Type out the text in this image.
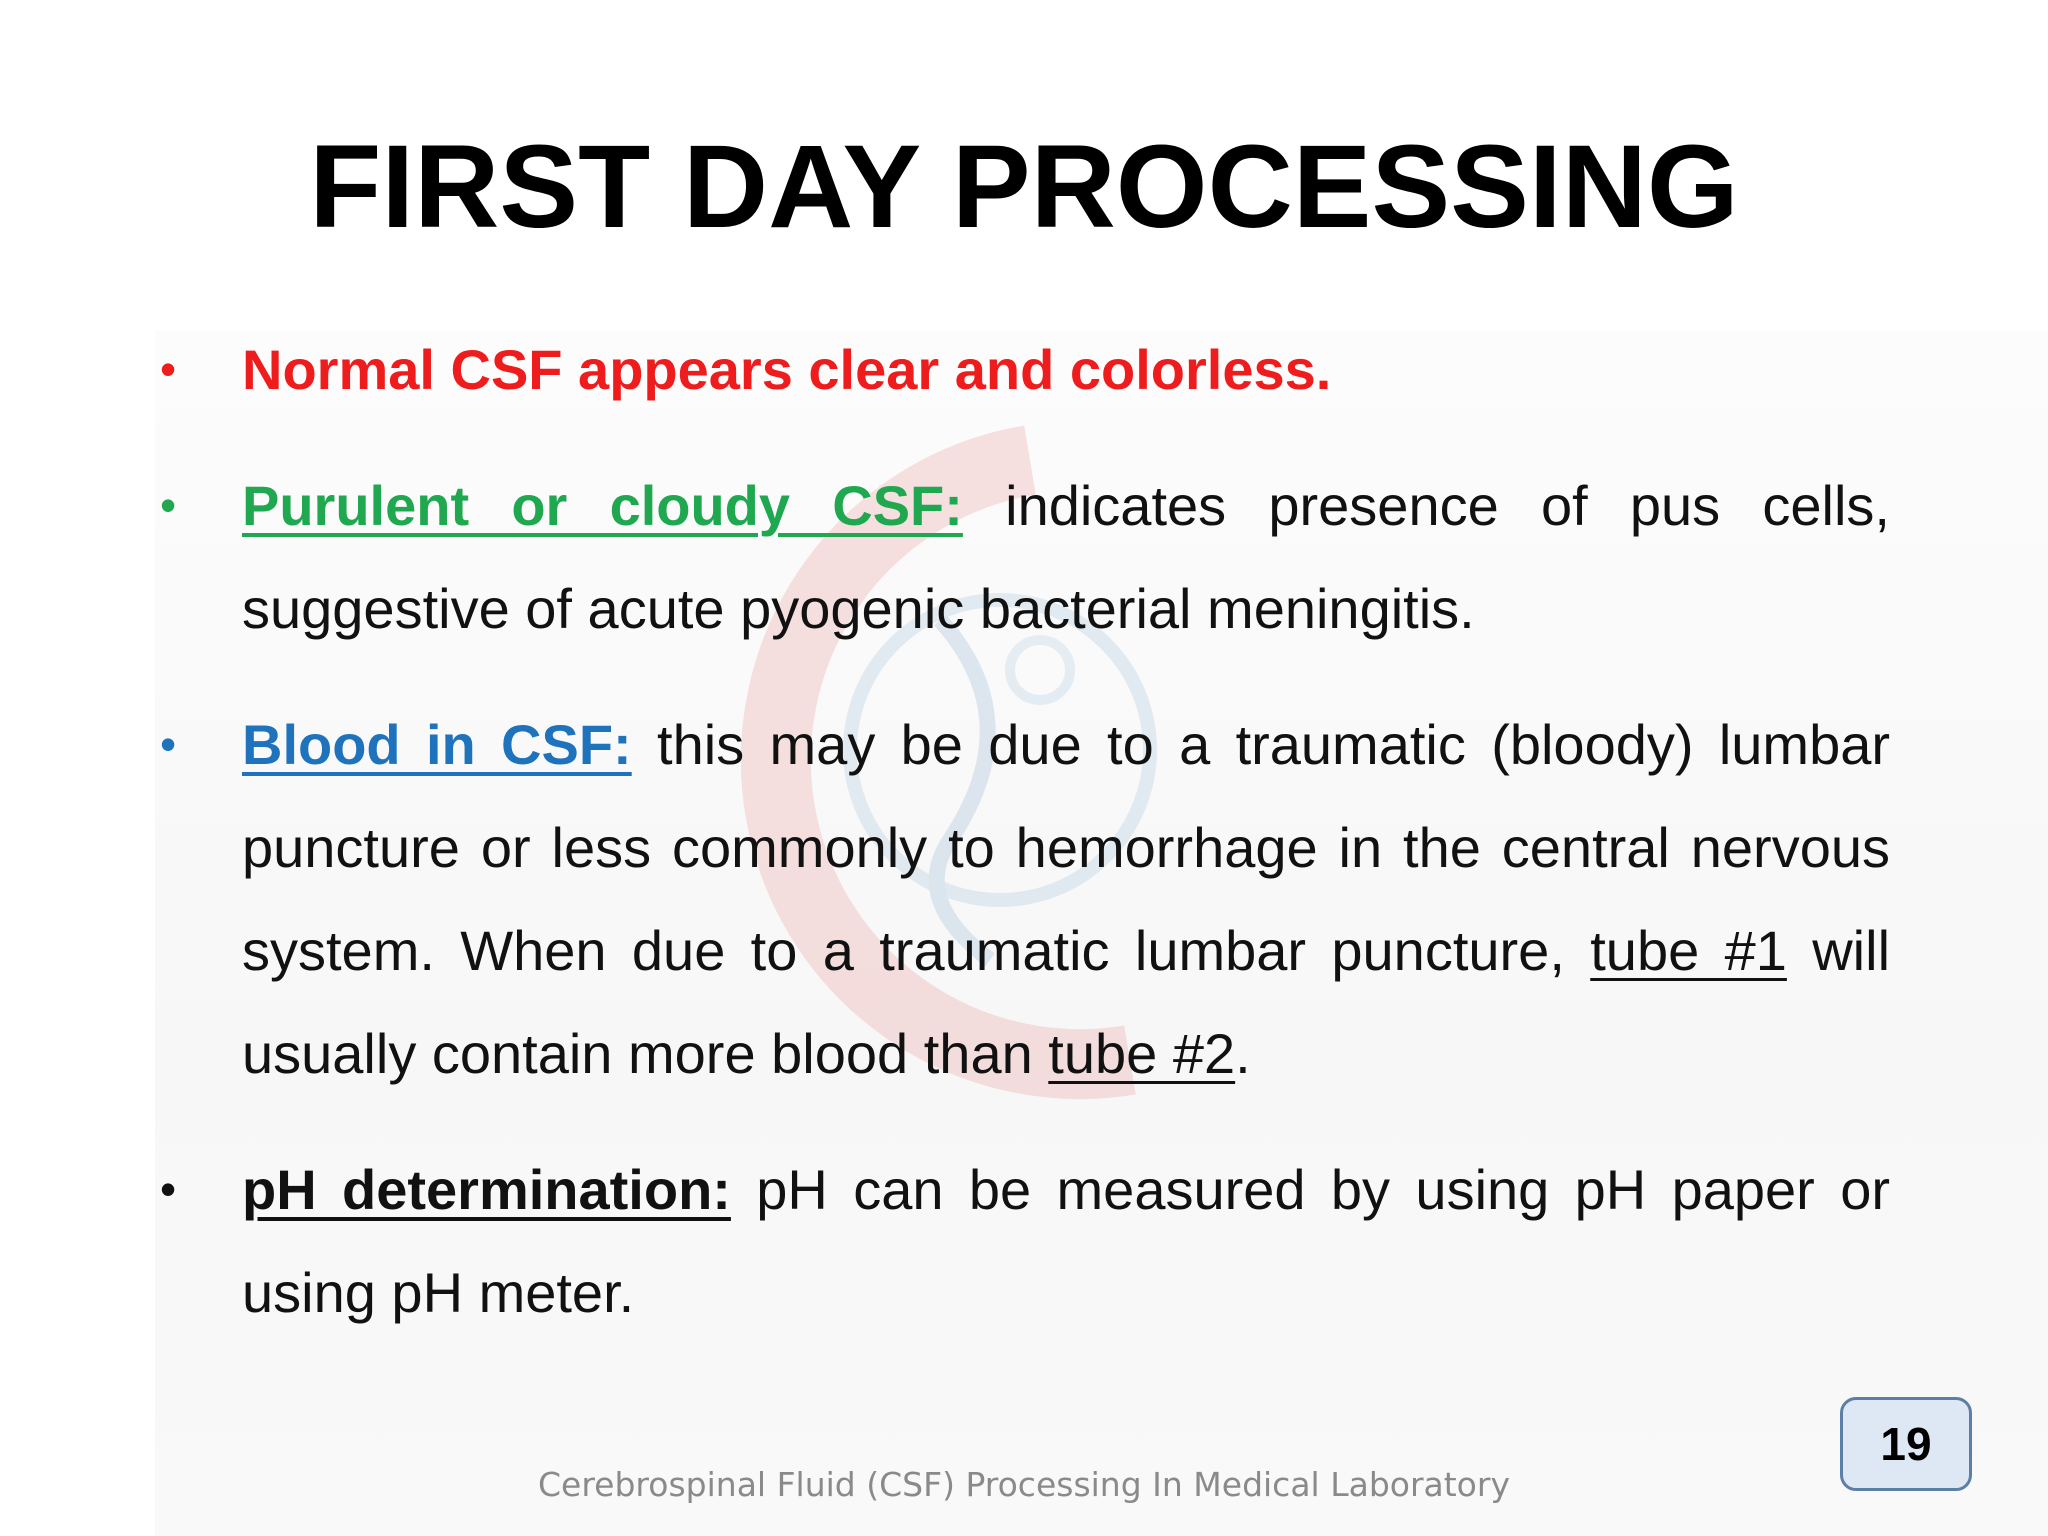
FIRST DAY PROCESSING
• Normal CSF appears clear and colorless.
• Purulent or cloudy CSF: indicates presence of pus cells, suggestive of acute pyogenic bacterial meningitis.
• Blood in CSF: this may be due to a traumatic (bloody) lumbar puncture or less commonly to hemorrhage in the central nervous system. When due to a traumatic lumbar puncture, tube #1 will usually contain more blood than tube #2.
• pH determination: pH can be measured by using pH paper or using pH meter.
Cerebrospinal Fluid (CSF) Processing In Medical Laboratory
19
